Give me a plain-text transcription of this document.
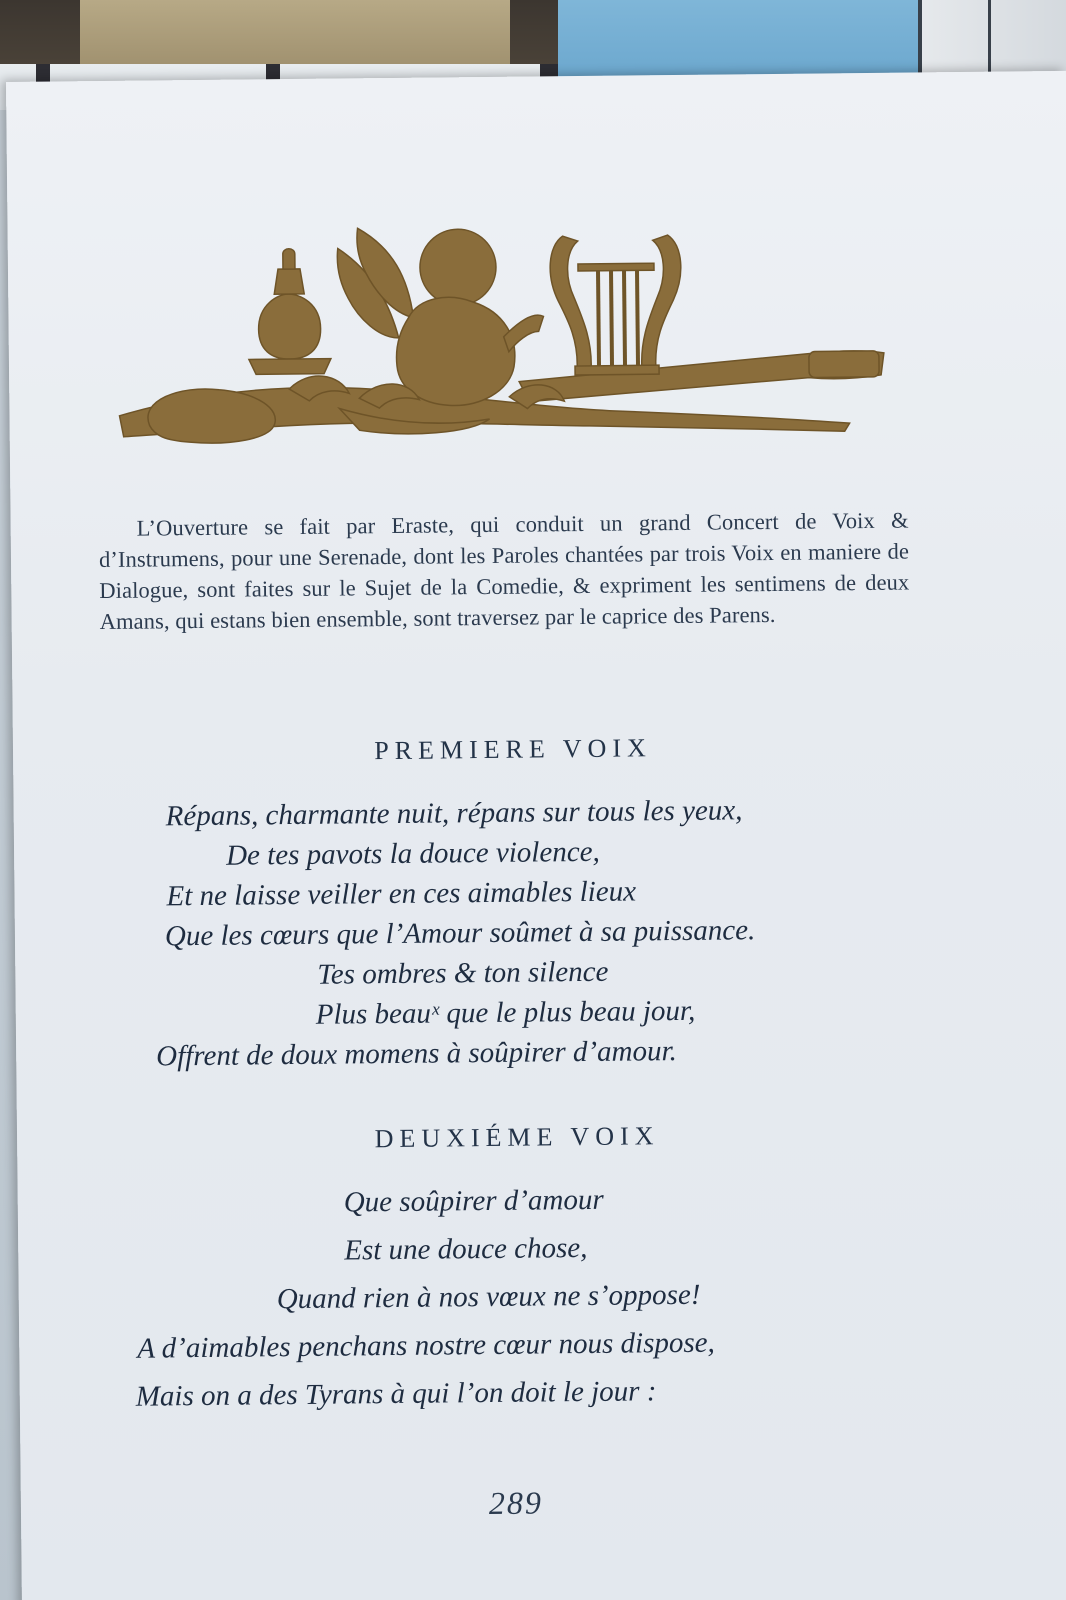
L’Ouverture se fait par Eraste, qui conduit un grand Concert de Voix & d’Instrumens, pour une Serenade, dont les Paroles chantées par trois Voix en maniere de Dialogue, sont faites sur le Sujet de la Comedie, & expriment les sentimens de deux Amans, qui estans bien ensemble, sont traversez par le caprice des Parens.
PREMIERE VOIX
Répans, charmante nuit, répans sur tous les yeux,
De tes pavots la douce violence,
Et ne laisse veiller en ces aimables lieux
Que les cœurs que l’Amour soûmet à sa puissance.
Tes ombres & ton silence
Plus beauˣ que le plus beau jour,
Offrent de doux momens à soûpirer d’amour.
DEUXIÉME VOIX
Que soûpirer d’amour
Est une douce chose,
Quand rien à nos vœux ne s’oppose!
A d’aimables penchans nostre cœur nous dispose,
Mais on a des Tyrans à qui l’on doit le jour :
289
